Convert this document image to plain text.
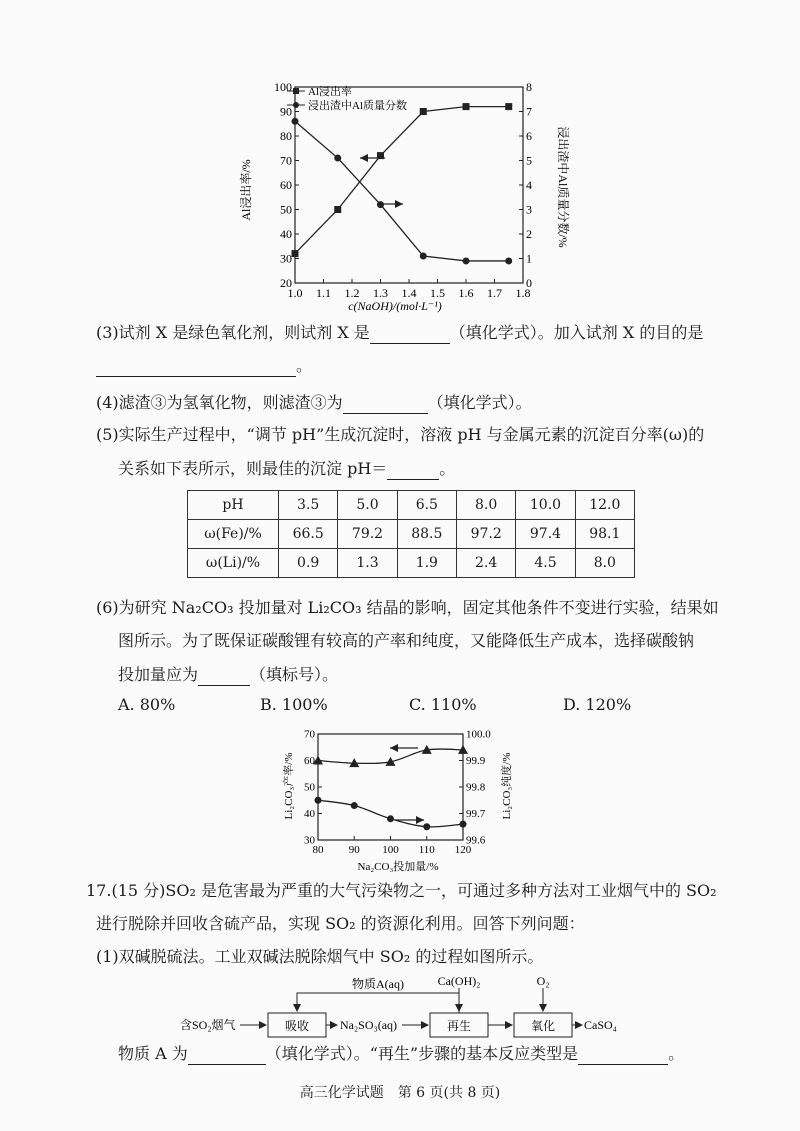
1.0 1.1 1.2 1.3 1.4 1.5 1.6 1.7 1.8
20
30
40
50
60
70
80
90
100
0
1
2
3
4
5
6
7
8
Al浸出率/%	浸出渣中Al质量分数/%
c(NaOH)/(mol·L⁻¹)
Al浸出率
浸出渣中Al质量分数
(3)试剂 X 是绿色氧化剂，则试剂 X 是	（填化学式）。加入试剂 X 的目的是
。
(4)滤渣③为氢氧化物，则滤渣③为	（填化学式）。
(5)实际生产过程中，“调节 pH”生成沉淀时，溶液 pH 与金属元素的沉淀百分率(ω)的
关系如下表所示，则最佳的沉淀 pH＝	。
pH	3.5	5.0	6.5	8.0	10.0	12.0
ω(Fe)/%	66.5	79.2	88.5	97.2	97.4	98.1
ω(Li)/%	0.9	1.3	1.9	2.4	4.5	8.0
(6)为研究 Na₂CO₃ 投加量对 Li₂CO₃ 结晶的影响，固定其他条件不变进行实验，结果如
图所示。为了既保证碳酸锂有较高的产率和纯度，又能降低生产成本，选择碳酸钠
投加量应为	（填标号）。
A. 80%	B. 100%	C. 110%	D. 120%
80 90 100 110 120
30
40
50
60
70
99.6
99.7
99.8
99.9
100.0
Li₂CO₃产率/%	Li₂CO₃纯度/%
Na₂CO₃投加量/%
17.(15 分)SO₂ 是危害最为严重的大气污染物之一，可通过多种方法对工业烟气中的 SO₂
进行脱除并回收含硫产品，实现 SO₂ 的资源化利用。回答下列问题：
(1)双碱脱硫法。工业双碱法脱除烟气中 SO₂ 的过程如图所示。
含SO₂烟气	吸收	Na₂SO₃(aq)	再生	氧化 CaSO₄
物质A(aq)	Ca(OH)₂	O₂
物质 A 为	（填化学式）。“再生”步骤的基本反应类型是	。
高三化学试题　第 6 页(共 8 页)
